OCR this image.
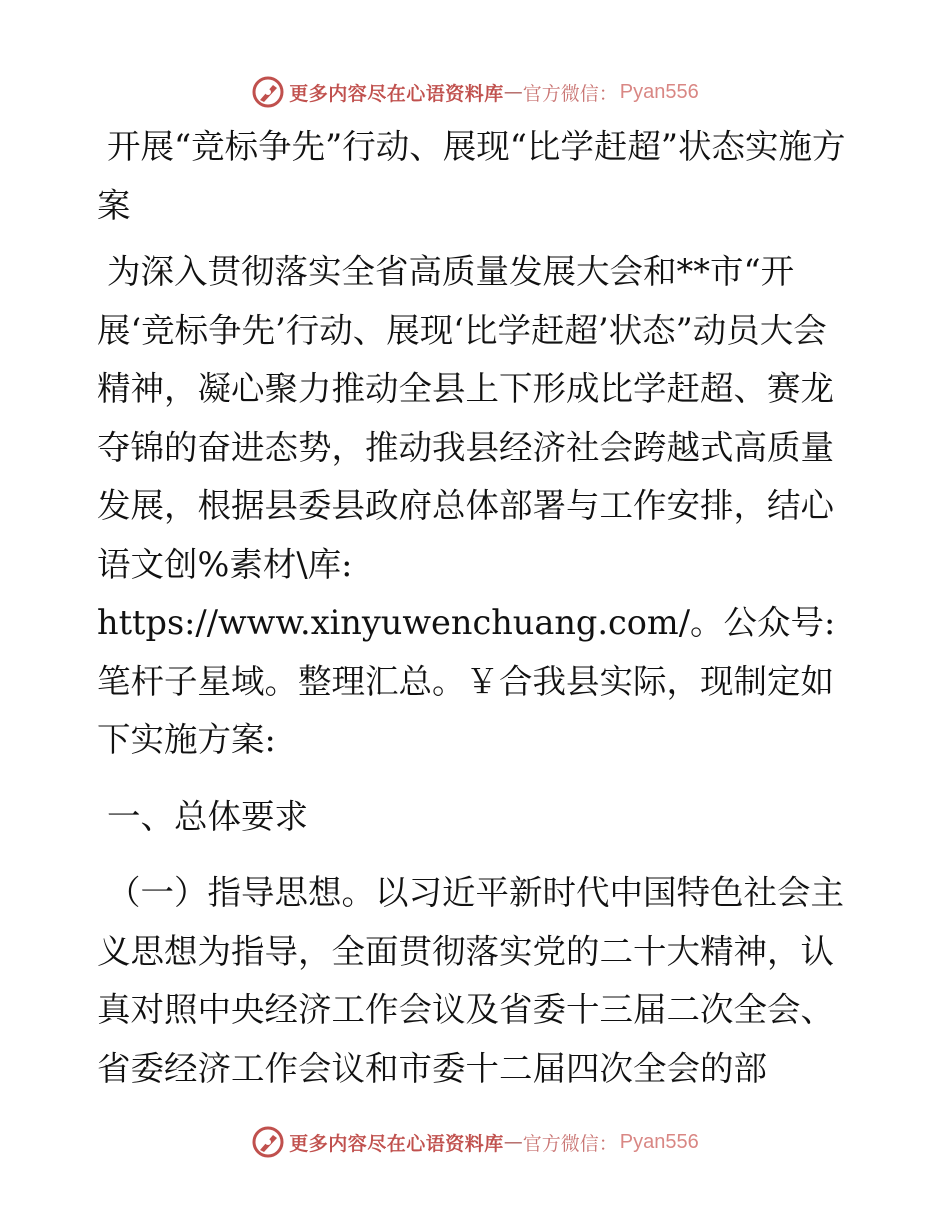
更多内容尽在心语资料库 — 官方微信： Pyan556

开展“竞标争先”行动、展现“比学赶超”状态实施方案

为深入贯彻落实全省高质量发展大会和**市“开展‘竞标争先’行动、展现‘比学赶超’状态”动员大会精神，凝心聚力推动全县上下形成比学赶超、赛龙夺锦的奋进态势，推动我县经济社会跨越式高质量发展，根据县委县政府总体部署与工作安排，结心语文创%素材\库: https://www.xinyuwenchuang.com/。公众号: 笔杆子星域。整理汇总。￥合我县实际，现制定如下实施方案:

一、总体要求

（一）指导思想。以习近平新时代中国特色社会主义思想为指导，全面贯彻落实党的二十大精神，认真对照中央经济工作会议及省委十三届二次全会、省委经济工作会议和市委十二届四次全会的部

更多内容尽在心语资料库 — 官方微信： Pyan556
